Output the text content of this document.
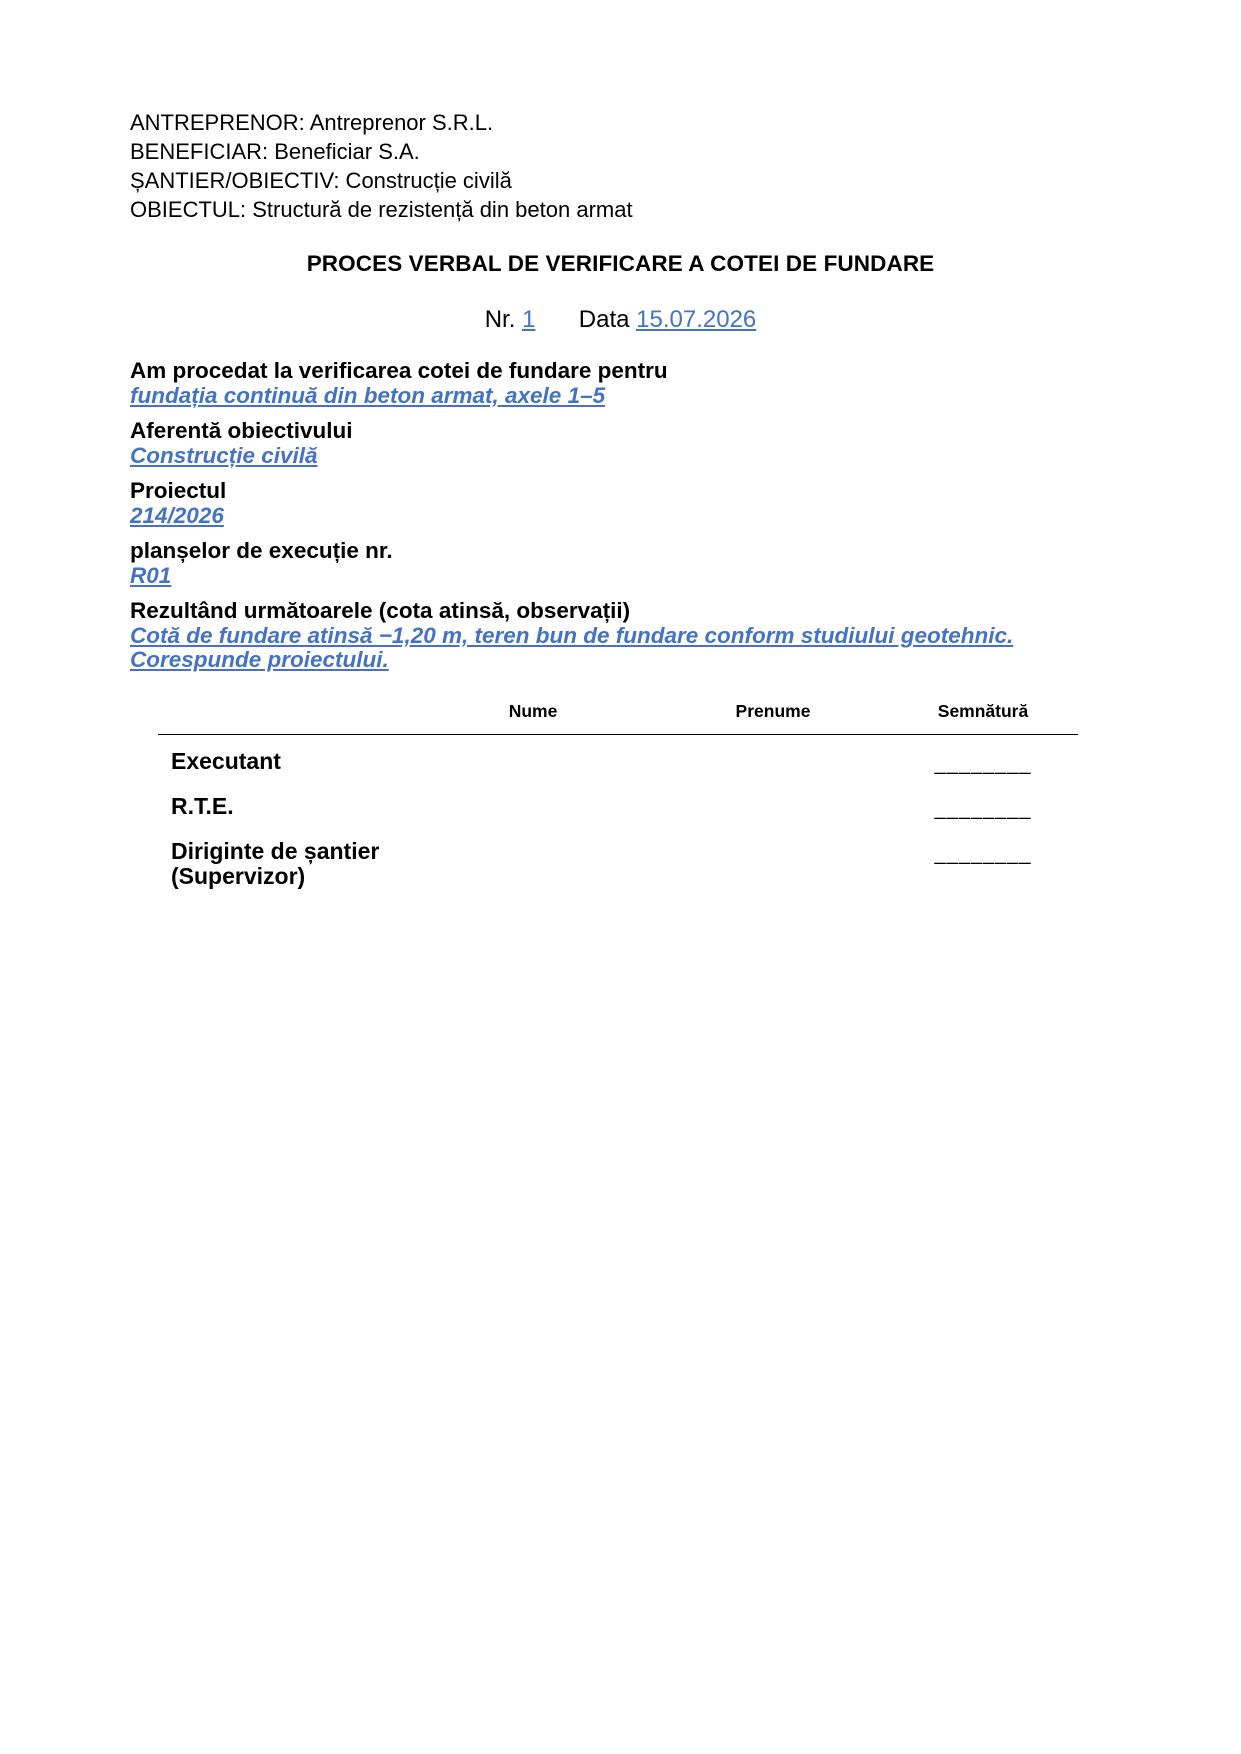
ANTREPRENOR: Antreprenor S.R.L.
BENEFICIAR: Beneficiar S.A.
ȘANTIER/OBIECTIV: Construcție civilă
OBIECTUL: Structură de rezistență din beton armat
PROCES VERBAL DE VERIFICARE A COTEI DE FUNDARE
Nr. 1 Data 15.07.2026
Am procedat la verificarea cotei de fundare pentru
fundația continuă din beton armat, axele 1–5
Aferentă obiectivului
Construcție civilă
Proiectul
214/2026
planșelor de execuție nr.
R01
Rezultând următoarele (cota atinsă, observații)
Cotă de fundare atinsă −1,20 m, teren bun de fundare conform studiului geotehnic. Corespunde proiectului.
	Nume	Prenume	Semnătură
Executant			________
R.T.E.			________
Diriginte de șantier (Supervizor)			________
